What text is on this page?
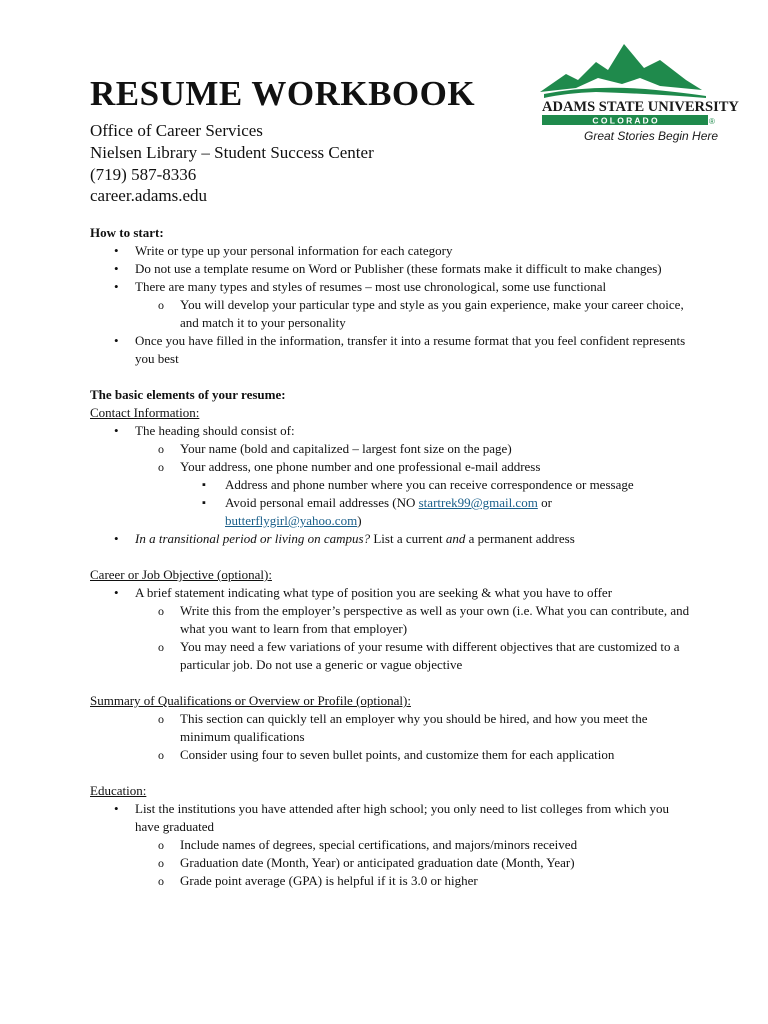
RESUME WORKBOOK
Office of Career Services
Nielsen Library – Student Success Center
(719) 587-8336
career.adams.edu
ADAMS STATE UNIVERSITY
C O L O R A D O	®
Great Stories Begin Here

How to start:

• Write or type up your personal information for each category
• Do not use a template resume on Word or Publisher (these formats make it difficult to make changes)
• There are many types and styles of resumes – most use chronological, some use functional
o You will develop your particular type and style as you gain experience, make your career choice, and match it to your personality
• Once you have filled in the information, transfer it into a resume format that you feel confident represents you best

The basic elements of your resume:

Contact Information:

• The heading should consist of:
o Your name (bold and capitalized – largest font size on the page)
o Your address, one phone number and one professional e-mail address
▪ Address and phone number where you can receive correspondence or message
▪ Avoid personal email addresses (NO startrek99@gmail.com or butterflygirl@yahoo.com)
• In a transitional period or living on campus? List a current and a permanent address

Career or Job Objective (optional):

• A brief statement indicating what type of position you are seeking & what you have to offer
o Write this from the employer’s perspective as well as your own (i.e. What you can contribute, and what you want to learn from that employer)
o You may need a few variations of your resume with different objectives that are customized to a particular job. Do not use a generic or vague objective

Summary of Qualifications or Overview or Profile (optional):

o This section can quickly tell an employer why you should be hired, and how you meet the minimum qualifications
o Consider using four to seven bullet points, and customize them for each application

Education:

• List the institutions you have attended after high school; you only need to list colleges from which you have graduated
o Include names of degrees, special certifications, and majors/minors received
o Graduation date (Month, Year) or anticipated graduation date (Month, Year)
o Grade point average (GPA) is helpful if it is 3.0 or higher
